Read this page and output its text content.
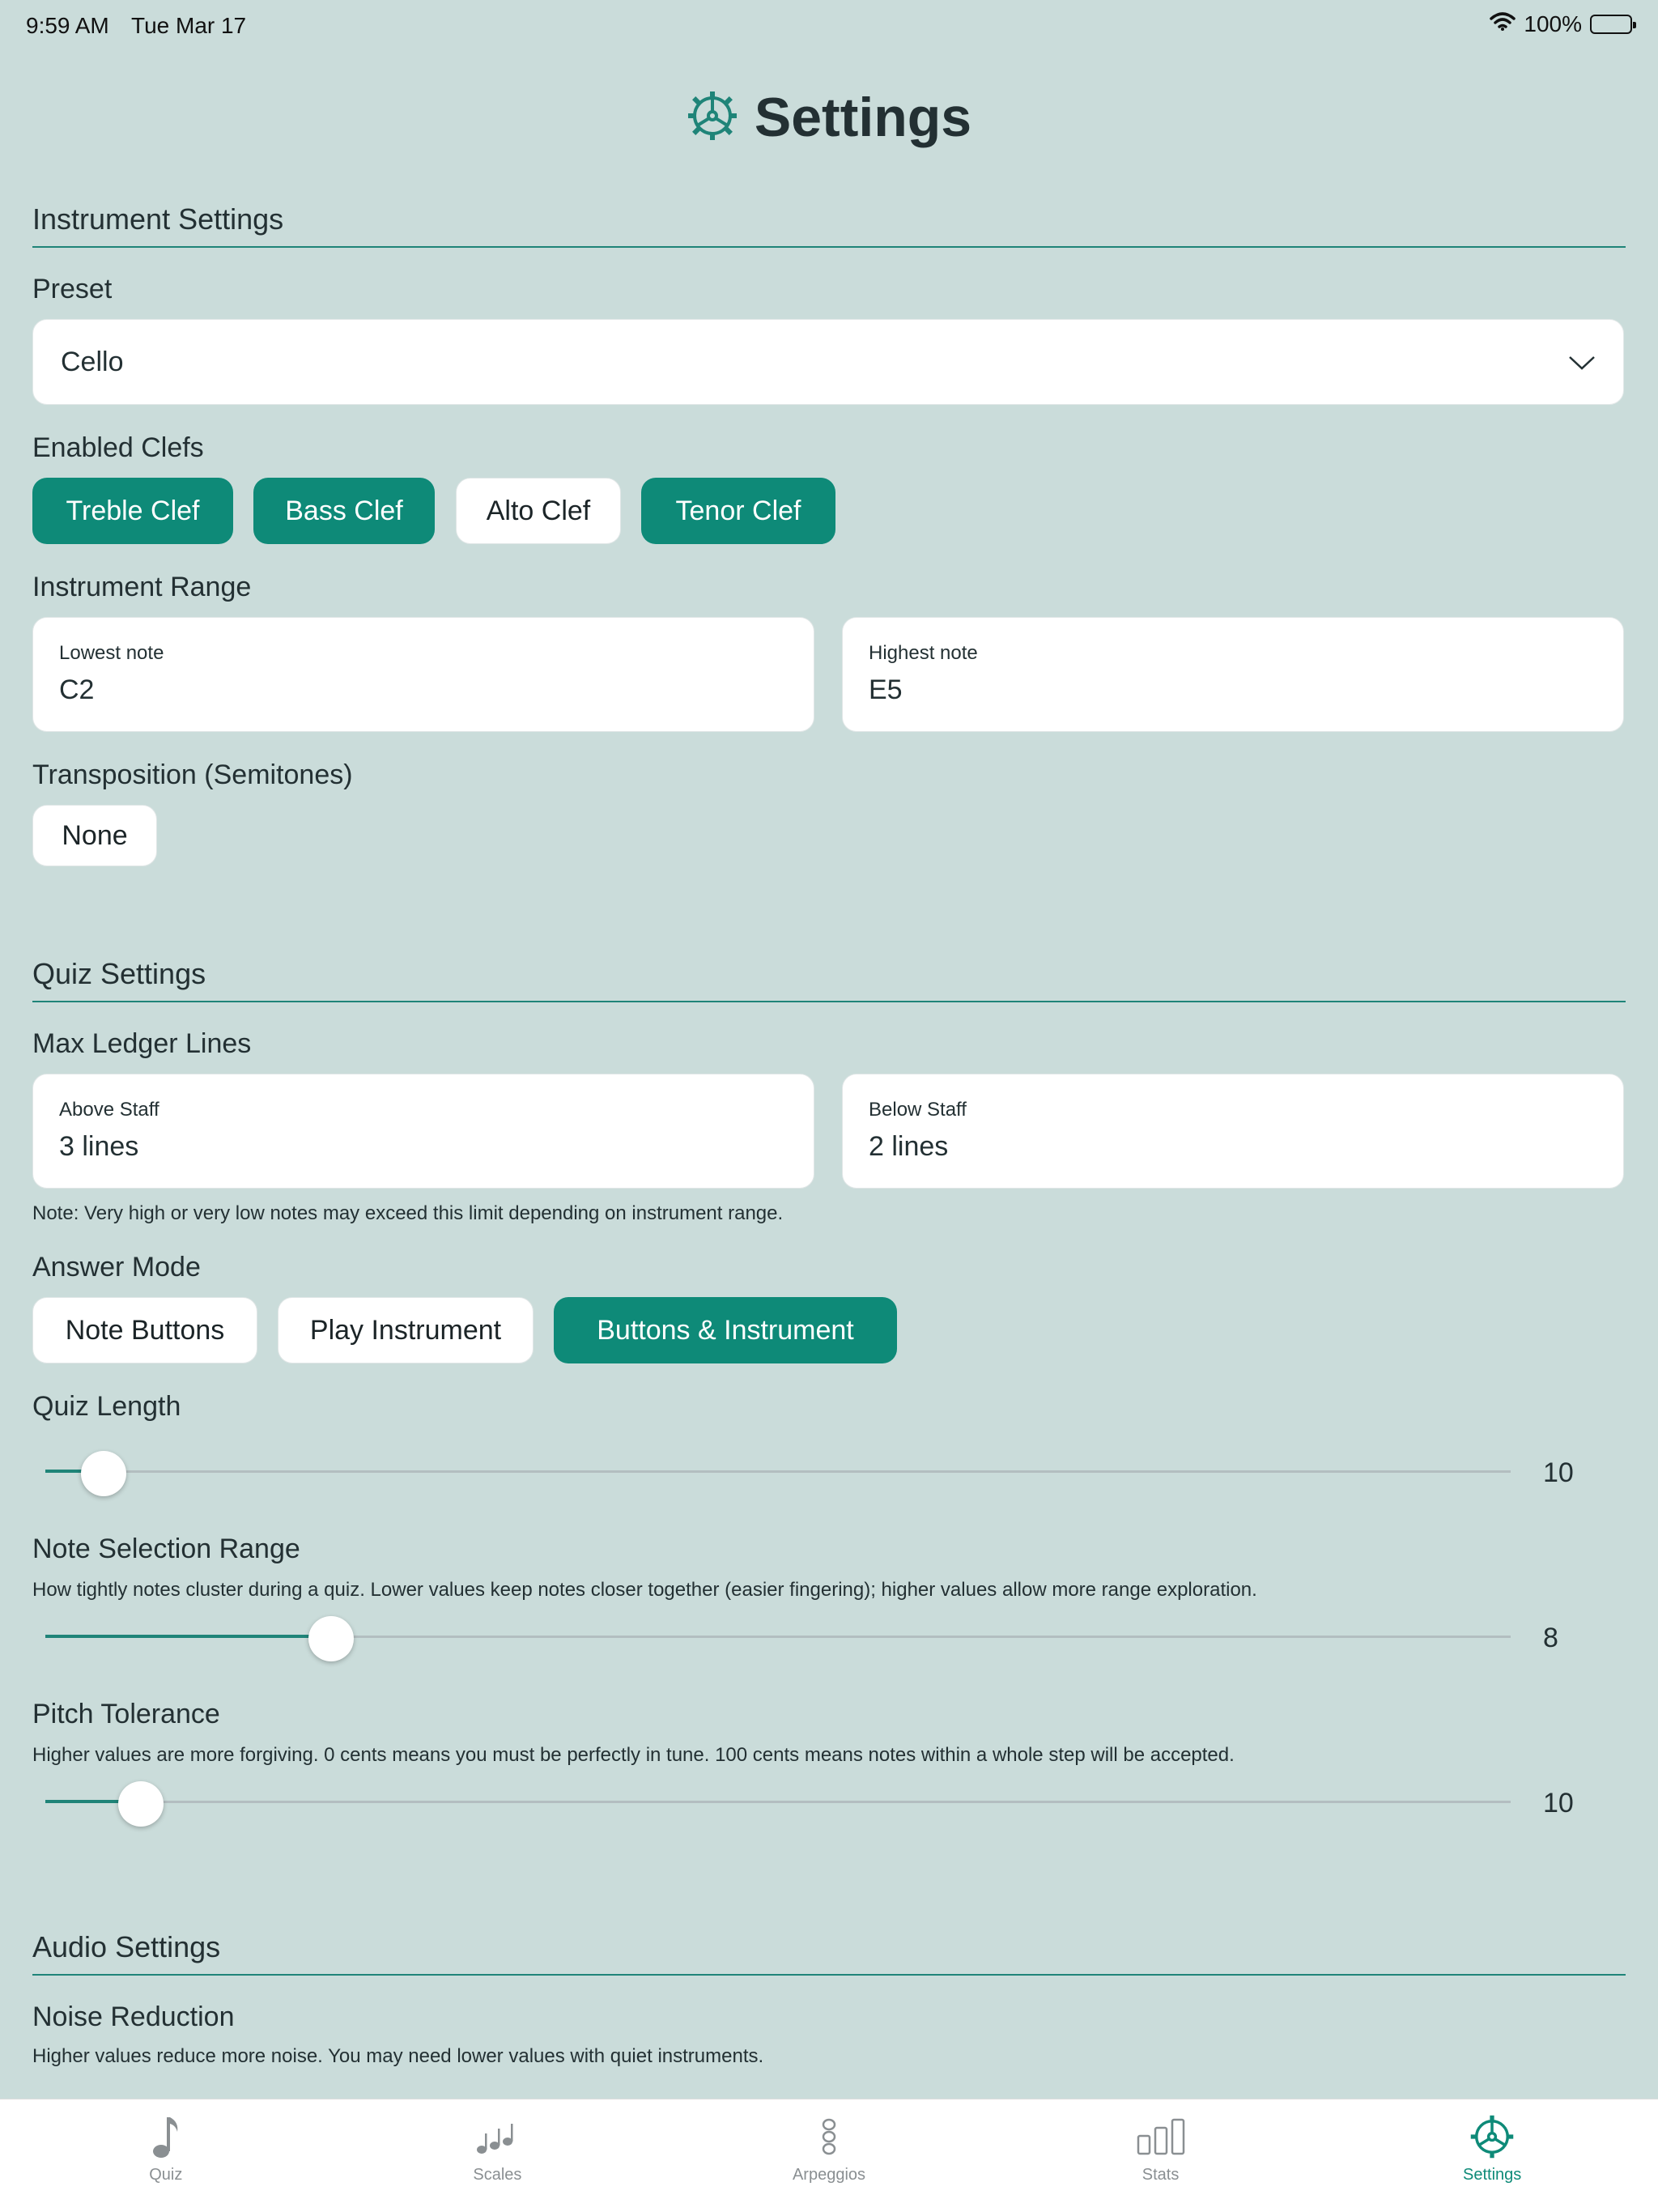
9:59 AM Tue Mar 17	100%
Settings
Instrument Settings
Preset
Cello
Enabled Clefs
Treble Clef	Bass Clef	Alto Clef	Tenor Clef
Instrument Range
Lowest note
C2
Highest note
E5
Transposition (Semitones)
None
Quiz Settings
Max Ledger Lines
Above Staff
3 lines
Below Staff
2 lines
Note: Very high or very low notes may exceed this limit depending on instrument range.
Answer Mode
Note Buttons	Play Instrument	Buttons & Instrument
Quiz Length
10
Note Selection Range
How tightly notes cluster during a quiz. Lower values keep notes closer together (easier fingering); higher values allow more range exploration.
8
Pitch Tolerance
Higher values are more forgiving. 0 cents means you must be perfectly in tune. 100 cents means notes within a whole step will be accepted.
10
Audio Settings
Noise Reduction
Higher values reduce more noise. You may need lower values with quiet instruments.
Quiz	Scales	Arpeggios	Stats	Settings
